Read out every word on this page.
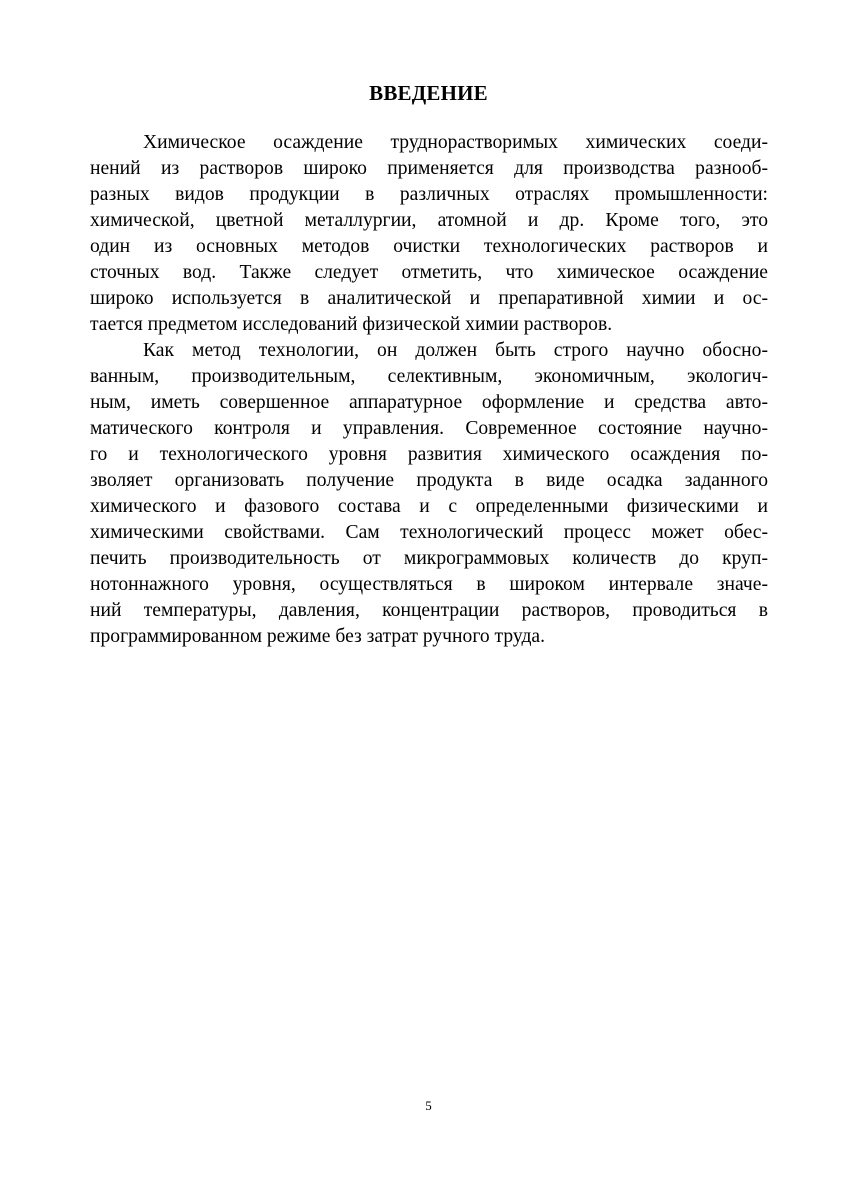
ВВЕДЕНИЕ
Химическое осаждение труднорастворимых химических соеди-
нений из растворов широко применяется для производства разнооб-
разных видов продукции в различных отраслях промышленности:
химической, цветной металлургии, атомной и др. Кроме того, это
один из основных методов очистки технологических растворов и
сточных вод. Также следует отметить, что химическое осаждение
широко используется в аналитической и препаративной химии и ос-
тается предметом исследований физической химии растворов.
Как метод технологии, он должен быть строго научно обосно-
ванным, производительным, селективным, экономичным, экологич-
ным, иметь совершенное аппаратурное оформление и средства авто-
матического контроля и управления. Современное состояние научно-
го и технологического уровня развития химического осаждения по-
зволяет организовать получение продукта в виде осадка заданного
химического и фазового состава и с определенными физическими и
химическими свойствами. Сам технологический процесс может обес-
печить производительность от микрограммовых количеств до круп-
нотоннажного уровня, осуществляться в широком интервале значе-
ний температуры, давления, концентрации растворов, проводиться в
программированном режиме без затрат ручного труда.
5
